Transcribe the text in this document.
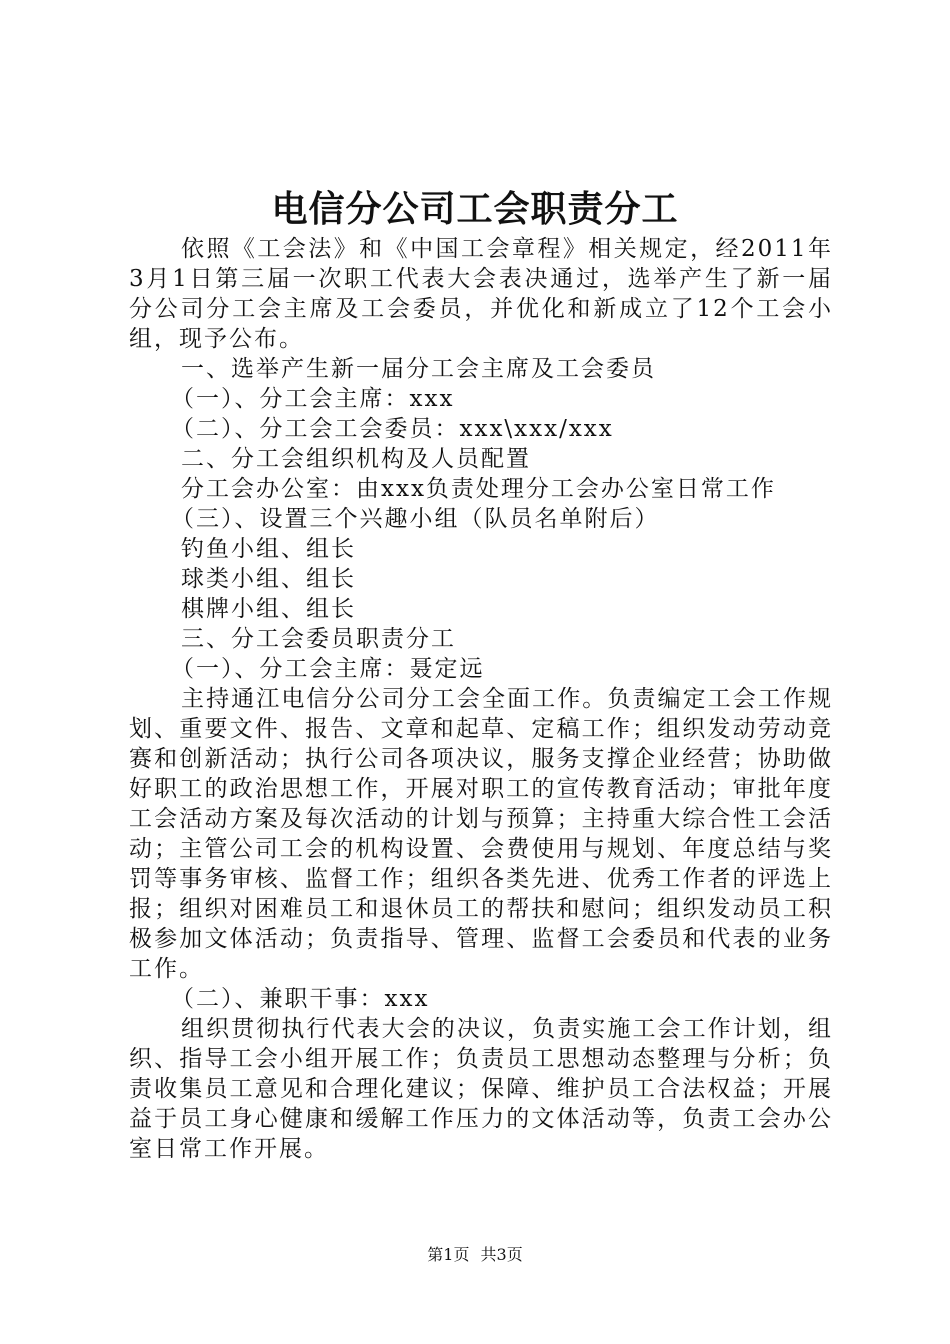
电信分公司工会职责分工

依照《工会法》和《中国工会章程》相关规定，经2011年3月1日第三届一次职工代表大会表决通过，选举产生了新一届分公司分工会主席及工会委员，并优化和新成立了12个工会小组，现予公布。

一、选举产生新一届分工会主席及工会委员

（一）、分工会主席：xxx

（二）、分工会工会委员：xxx\xxx/xxx

二、分工会组织机构及人员配置

分工会办公室：由xxx负责处理分工会办公室日常工作

（三）、设置三个兴趣小组（队员名单附后）

钓鱼小组、组长

球类小组、组长

棋牌小组、组长

三、分工会委员职责分工

（一）、分工会主席：聂定远

主持通江电信分公司分工会全面工作。负责编定工会工作规划、重要文件、报告、文章和起草、定稿工作；组织发动劳动竞赛和创新活动；执行公司各项决议，服务支撑企业经营；协助做好职工的政治思想工作，开展对职工的宣传教育活动；审批年度工会活动方案及每次活动的计划与预算；主持重大综合性工会活动；主管公司工会的机构设置、会费使用与规划、年度总结与奖罚等事务审核、监督工作；组织各类先进、优秀工作者的评选上报；组织对困难员工和退休员工的帮扶和慰问；组织发动员工积极参加文体活动；负责指导、管理、监督工会委员和代表的业务工作。

（二）、兼职干事：xxx

组织贯彻执行代表大会的决议，负责实施工会工作计划，组织、指导工会小组开展工作；负责员工思想动态整理与分析；负责收集员工意见和合理化建议；保障、维护员工合法权益；开展益于员工身心健康和缓解工作压力的文体活动等，负责工会办公室日常工作开展。

第1页 共3页
